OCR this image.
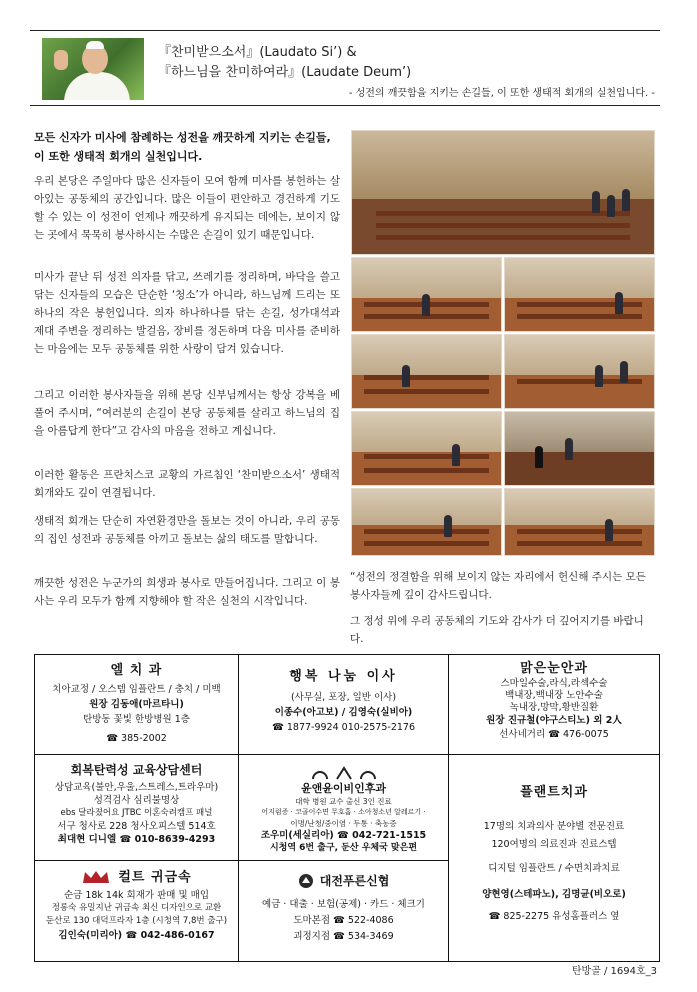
『찬미받으소서』(Laudato Si’) &
『하느님을 찬미하여라』(Laudate Deum’)
- 성전의 깨끗함을 지키는 손길들, 이 또한 생태적 회개의 실천입니다. -
모든 신자가 미사에 참례하는 성전을 깨끗하게 지키는 손길들, 이 또한 생태적 회개의 실천입니다.
우리 본당은 주일마다 많은 신자들이 모여 함께 미사를 봉헌하는 살아있는 공동체의 공간입니다. 많은 이들이 편안하고 경건하게 기도할 수 있는 이 성전이 언제나 깨끗하게 유지되는 데에는, 보이지 않는 곳에서 묵묵히 봉사하시는 수많은 손길이 있기 때문입니다.
미사가 끝난 뒤 성전 의자를 닦고, 쓰레기를 정리하며, 바닥을 쓸고 닦는 신자들의 모습은 단순한 ‘청소’가 아니라, 하느님께 드리는 또 하나의 작은 봉헌입니다. 의자 하나하나를 닦는 손길, 성가대석과 제대 주변을 정리하는 발걸음, 장비를 정돈하며 다음 미사를 준비하는 마음에는 모두 공동체를 위한 사랑이 담겨 있습니다.
그리고 이러한 봉사자들을 위해 본당 신부님께서는 항상 강복을 베풀어 주시며, “여러분의 손길이 본당 공동체를 살리고 하느님의 집을 아름답게 한다”고 감사의 마음을 전하고 계십니다.
이러한 활동은 프란치스코 교황의 가르침인 ‘찬미받으소서’ 생태적 회개와도 깊이 연결됩니다.
생태적 회개는 단순히 자연환경만을 돌보는 것이 아니라, 우리 공동의 집인 성전과 공동체를 아끼고 돌보는 삶의 태도를 말합니다.
깨끗한 성전은 누군가의 희생과 봉사로 만들어집니다. 그리고 이 봉사는 우리 모두가 함께 지향해야 할 작은 실천의 시작입니다.
“성전의 정결함을 위해 보이지 않는 자리에서 헌신해 주시는 모든 봉사자들께 깊이 감사드립니다.
그 정성 위에 우리 공동체의 기도와 감사가 더 깊어지기를 바랍니다.
엘 치 과
치아교정 / 오스템 임플란트 / 충치 / 미백
원장 김동애(마르타니)
탄방동 꽃빛 한방병원 1층
☎ 385-2002
행복 나눔 이사
(사무실, 포장, 일반 이사)
이종수(아고보) / 김영숙(실비아)
☎ 1877-9924 010-2575-2176
맑은눈안과
스마일수술,라식,라섹수술
백내장,백내장 노안수술
녹내장,망막,황반질환
원장 진규철(야구스티노) 외 2人
선사네거리 ☎ 476-0075
회복탄력성 교육상담센터
상담교육(불안,우울,스트레스,트라우마)
성격검사 심리불명상
ebs 달라졌어요 JTBC 이혼숙려캠프 패널
서구 청사로 228 청사오피스텔 514호
최대현 디니엘 ☎ 010-8639-4293
윤앤윤이비인후과
대학 병원 교수 출신 3인 진료
어지럼증 · 코골이수면 무호흡 · 소아청소년 알레르기 ·
이명/난청/중이염 · 두통 · 축농증
조우미(세실리아) ☎ 042-721-1515
시청역 6번 출구, 둔산 우체국 맞은편
플랜트치과
17명의 치과의사 분야별 전문진료
120여명의 의료진과 진료스텝
디지털 임플란트 / 수면치과치료
양현영(스테파노), 김명균(비오로)
☎ 825-2275 유성홈플러스 옆
컬트 귀금속
순금 18k 14k 회재가 판매 및 매입
정롱숙 유밀지난 귀금속 최신 디자인으로 교환
둔산로 130 대덕프라자 1층 (시청역 7,8번 출구)
김인숙(미리아) ☎ 042-486-0167
대전푸른신협
예금 · 대출 · 보험(공제) · 카드 · 체크기
도마본점 ☎ 522-4086
괴정지점 ☎ 534-3469
탄방골 / 1694호_3
